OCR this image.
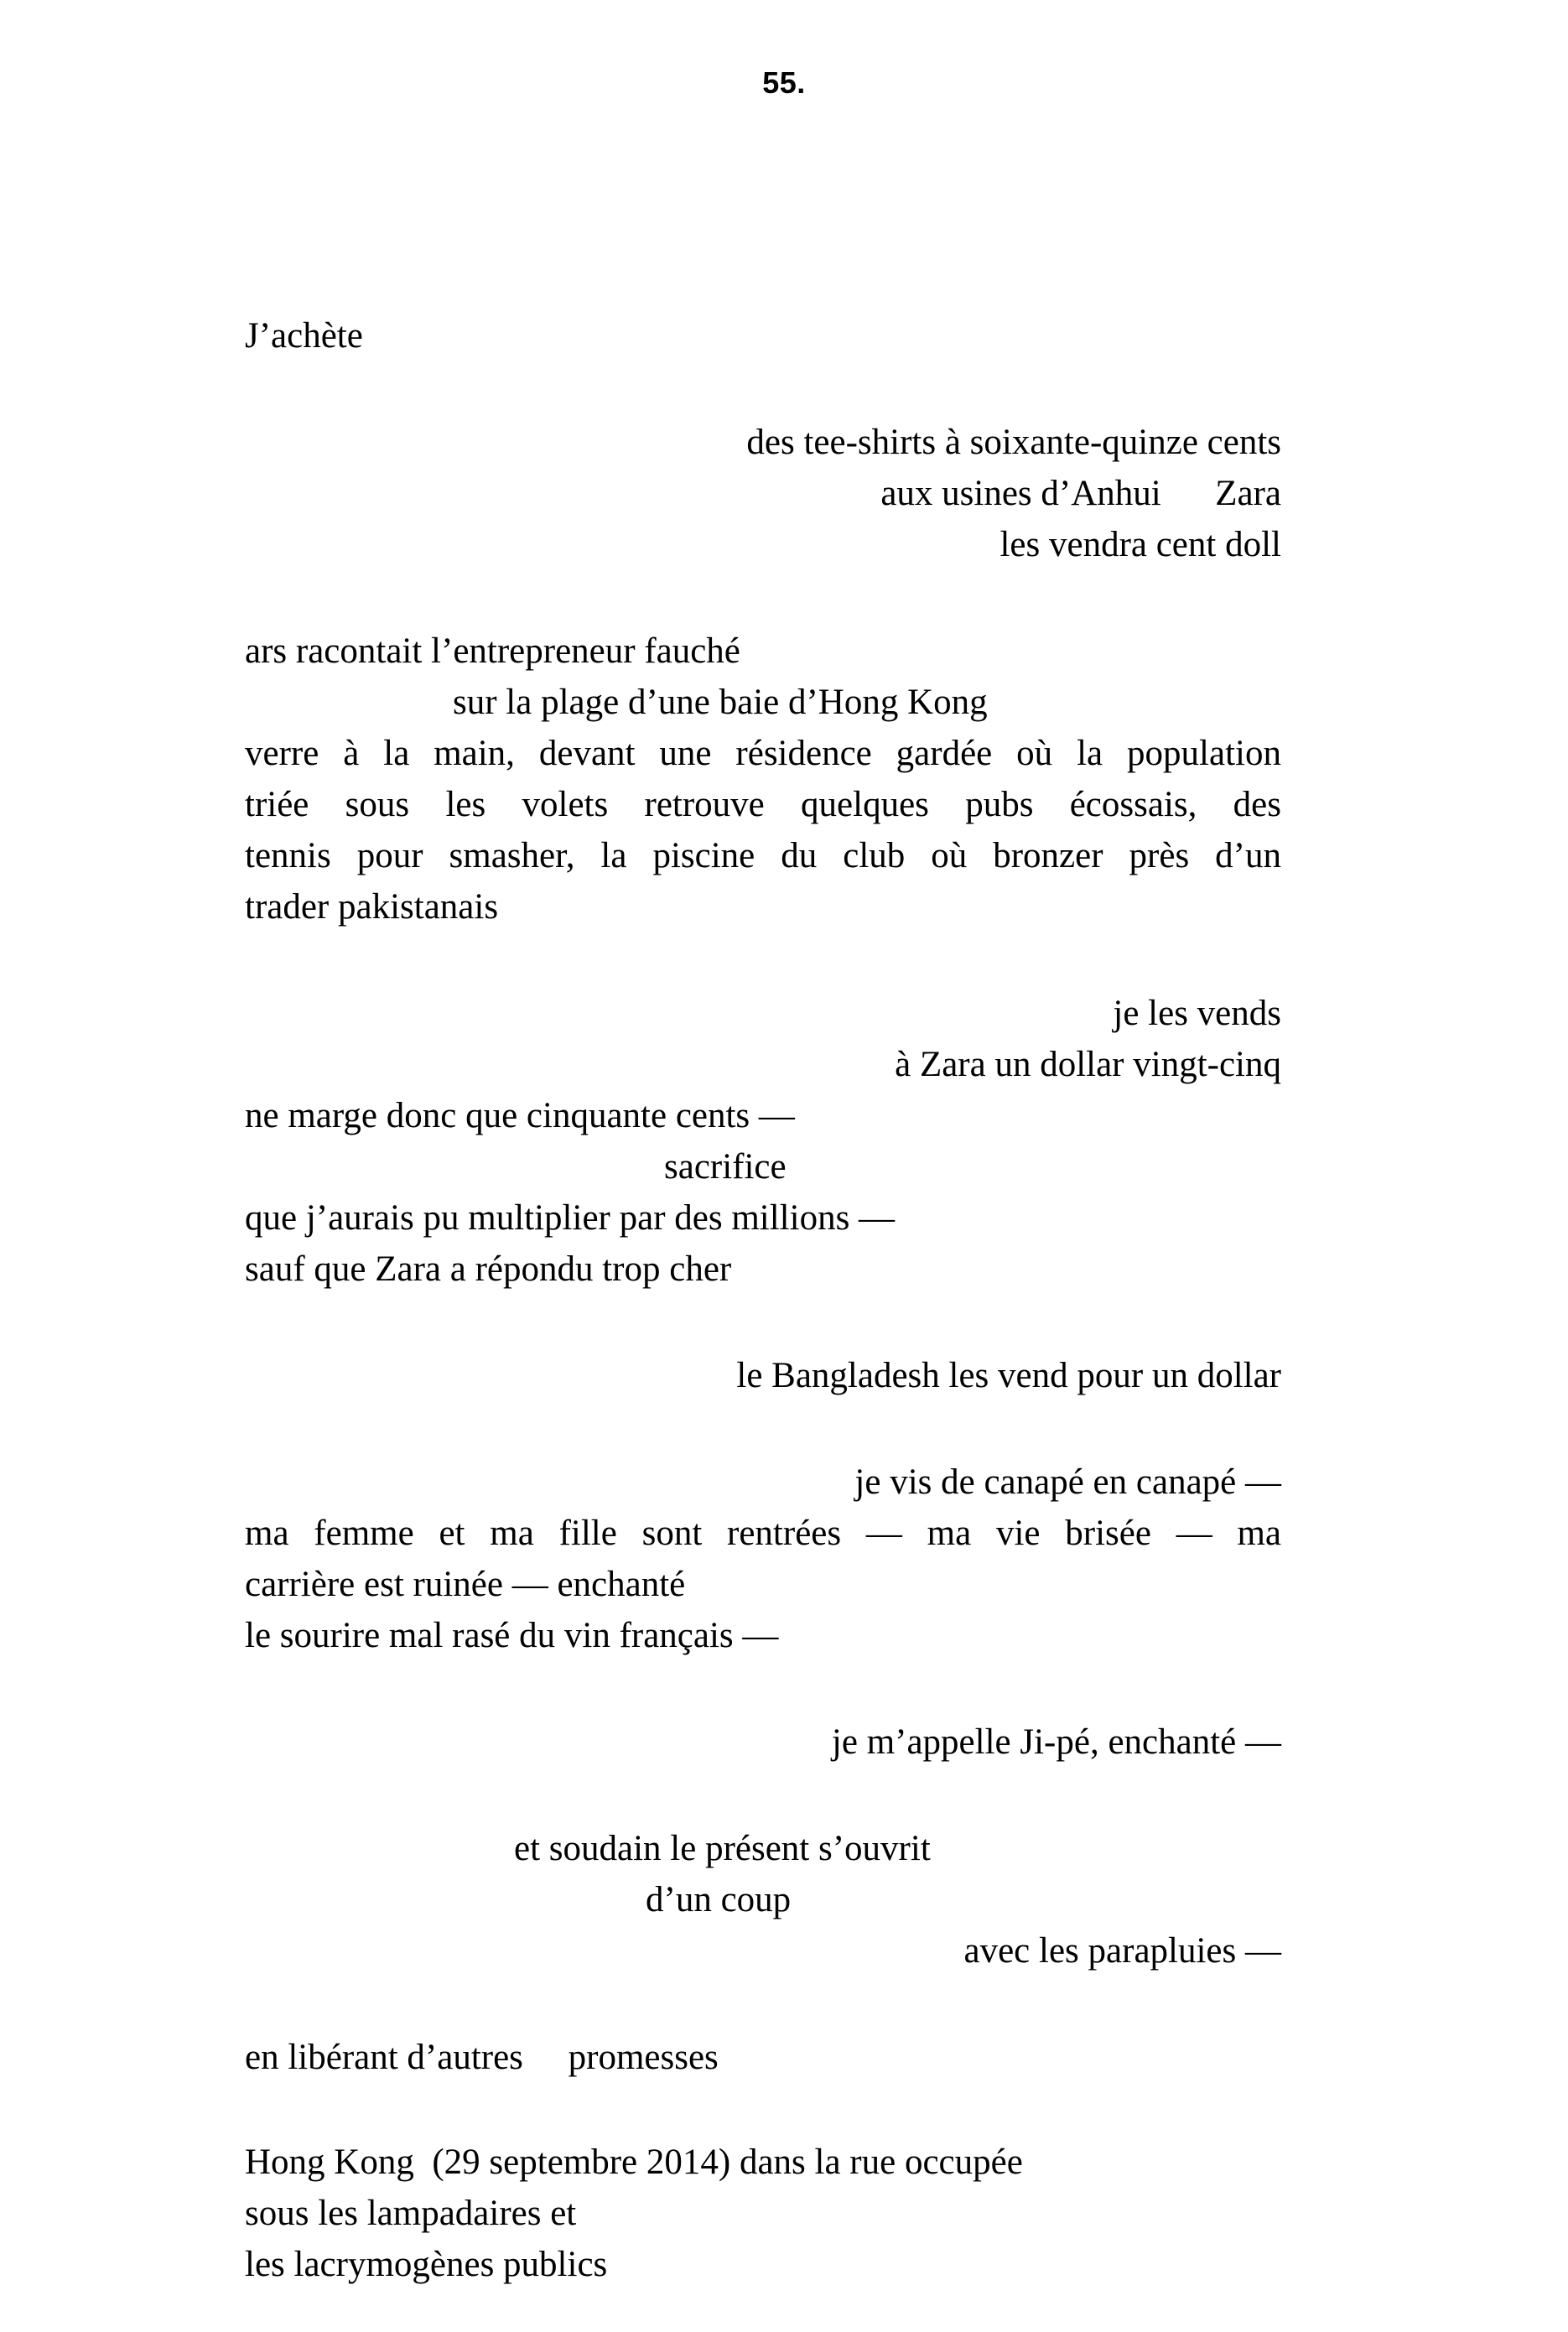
55.
J’achète
des tee-shirts à soixante-quinze cents
aux usines d’Anhui      Zara
les vendra cent doll
ars racontait l’entrepreneur fauché
sur la plage d’une baie d’Hong Kong
verre à la main, devant une résidence gardée où la population
triée sous les volets retrouve quelques pubs écossais, des
tennis pour smasher, la piscine du club où bronzer près d’un
trader pakistanais
je les vends
à Zara un dollar vingt-cinq
ne marge donc que cinquante cents —
sacrifice
que j’aurais pu multiplier par des millions —
sauf que Zara a répondu trop cher
le Bangladesh les vend pour un dollar
je vis de canapé en canapé —
ma femme et ma fille sont rentrées — ma vie brisée — ma
carrière est ruinée — enchanté
le sourire mal rasé du vin français —
je m’appelle Ji-pé, enchanté —
et soudain le présent s’ouvrit
d’un coup
avec les parapluies —
en libérant d’autres     promesses
Hong Kong  (29 septembre 2014) dans la rue occupée
sous les lampadaires et
les lacrymogènes publics
